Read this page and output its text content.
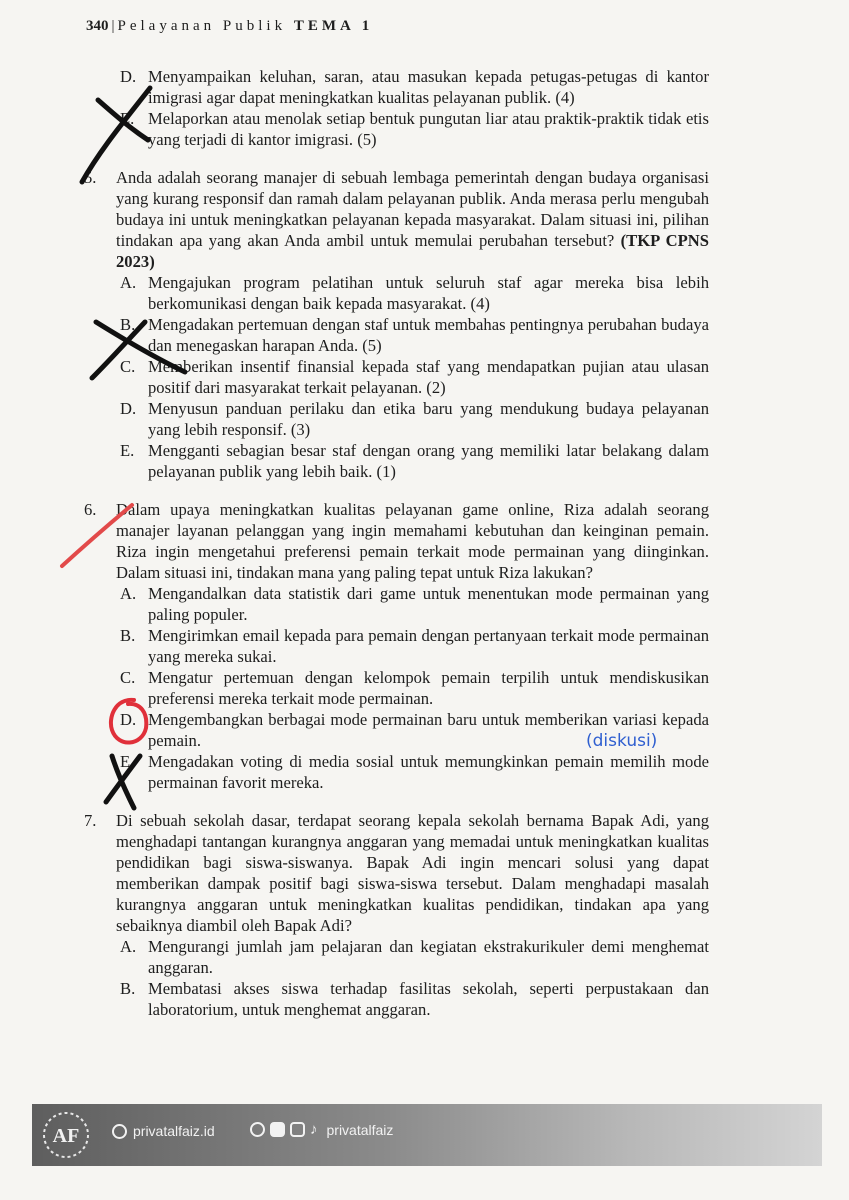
340 | Pelayanan Publik TEMA 1
D. Menyampaikan keluhan, saran, atau masukan kepada petugas-petugas di kantor imigrasi agar dapat meningkatkan kualitas pelayanan publik. (4)
E. Melaporkan atau menolak setiap bentuk pungutan liar atau praktik-praktik tidak etis yang terjadi di kantor imigrasi. (5)
5.	Anda adalah seorang manajer di sebuah lembaga pemerintah dengan budaya organisasi yang kurang responsif dan ramah dalam pelayanan publik. Anda merasa perlu mengubah budaya ini untuk meningkatkan pelayanan kepada masyarakat. Dalam situasi ini, pilihan tindakan apa yang akan Anda ambil untuk memulai perubahan tersebut? (TKP CPNS 2023)
A. Mengajukan program pelatihan untuk seluruh staf agar mereka bisa lebih berkomunikasi dengan baik kepada masyarakat. (4)
B. Mengadakan pertemuan dengan staf untuk membahas pentingnya perubahan budaya dan menegaskan harapan Anda. (5)
C. Memberikan insentif finansial kepada staf yang mendapatkan pujian atau ulasan positif dari masyarakat terkait pelayanan. (2)
D. Menyusun panduan perilaku dan etika baru yang mendukung budaya pelayanan yang lebih responsif. (3)
E. Mengganti sebagian besar staf dengan orang yang memiliki latar belakang dalam pelayanan publik yang lebih baik. (1)
6.	Dalam upaya meningkatkan kualitas pelayanan game online, Riza adalah seorang manajer layanan pelanggan yang ingin memahami kebutuhan dan keinginan pemain. Riza ingin mengetahui preferensi pemain terkait mode permainan yang diinginkan. Dalam situasi ini, tindakan mana yang paling tepat untuk Riza lakukan?
A. Mengandalkan data statistik dari game untuk menentukan mode permainan yang paling populer.
B. Mengirimkan email kepada para pemain dengan pertanyaan terkait mode permainan yang mereka sukai.
C. Mengatur pertemuan dengan kelompok pemain terpilih untuk mendiskusikan preferensi mereka terkait mode permainan.
D. Mengembangkan berbagai mode permainan baru untuk memberikan variasi kepada pemain.
E. Mengadakan voting di media sosial untuk memungkinkan pemain memilih mode permainan favorit mereka.
7.	Di sebuah sekolah dasar, terdapat seorang kepala sekolah bernama Bapak Adi, yang menghadapi tantangan kurangnya anggaran yang memadai untuk meningkatkan kualitas pendidikan bagi siswa-siswanya. Bapak Adi ingin mencari solusi yang dapat memberikan dampak positif bagi siswa-siswa tersebut. Dalam menghadapi masalah kurangnya anggaran untuk meningkatkan kualitas pendidikan, tindakan apa yang sebaiknya diambil oleh Bapak Adi?
A. Mengurangi jumlah jam pelajaran dan kegiatan ekstrakurikuler demi menghemat anggaran.
B. Membatasi akses siswa terhadap fasilitas sekolah, seperti perpustakaan dan laboratorium, untuk menghemat anggaran.
(diskusi)
AF	privatalfaiz.id	♪ privatalfaiz
